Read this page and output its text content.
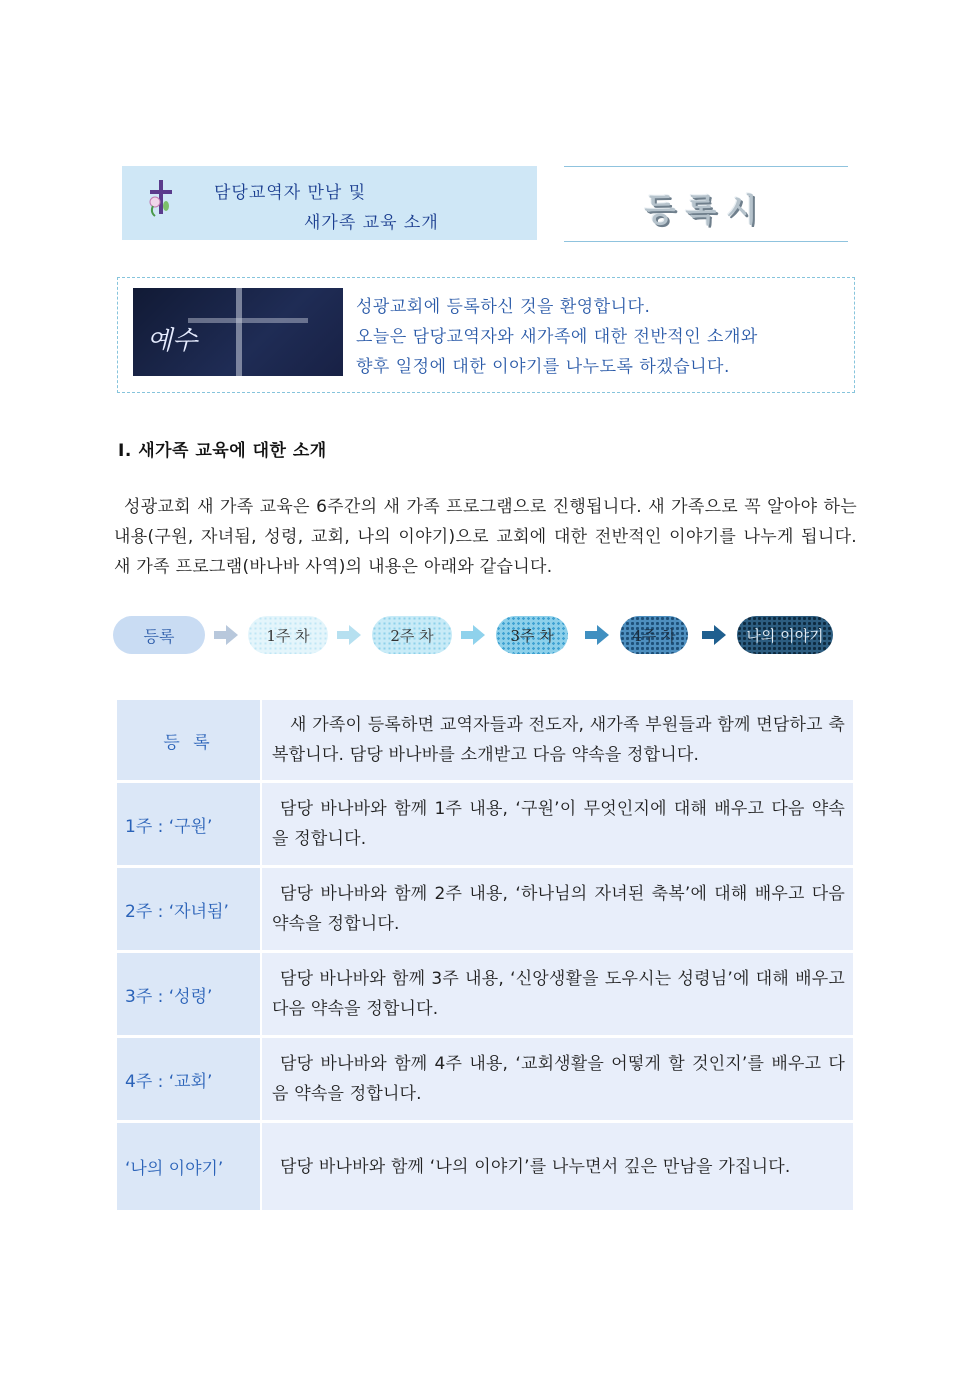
담당교역자 만남 및
새가족 교육 소개	등록시
예수
성광교회에 등록하신 것을 환영합니다.
오늘은 담당교역자와 새가족에 대한 전반적인 소개와
향후 일정에 대한 이야기를 나누도록 하겠습니다.
Ⅰ. 새가족 교육에 대한 소개
성광교회 새 가족 교육은 6주간의 새 가족 프로그램으로 진행됩니다. 새 가족으로 꼭 알아야 하는 내용(구원, 자녀됨, 성령, 교회, 나의 이야기)으로 교회에 대한 전반적인 이야기를 나누게 됩니다. 새 가족 프로그램(바나바 사역)의 내용은 아래와 같습니다.
등록	1주 차	2주 차	3주 차	4주 차	나의 이야기
등 록	새 가족이 등록하면 교역자들과 전도자, 새가족 부원들과 함께 면담하고 축복합니다. 담당 바나바를 소개받고 다음 약속을 정합니다.
1주 : ‘구원’	담당 바나바와 함께 1주 내용, ‘구원’이 무엇인지에 대해 배우고 다음 약속을 정합니다.
2주 : ‘자녀됨’	담당 바나바와 함께 2주 내용, ‘하나님의 자녀된 축복’에 대해 배우고 다음 약속을 정합니다.
3주 : ‘성령’	담당 바나바와 함께 3주 내용, ‘신앙생활을 도우시는 성령님’에 대해 배우고 다음 약속을 정합니다.
4주 : ‘교회’	담당 바나바와 함께 4주 내용, ‘교회생활을 어떻게 할 것인지’를 배우고 다음 약속을 정합니다.
‘나의 이야기’	담당 바나바와 함께 ‘나의 이야기’를 나누면서 깊은 만남을 가집니다.
